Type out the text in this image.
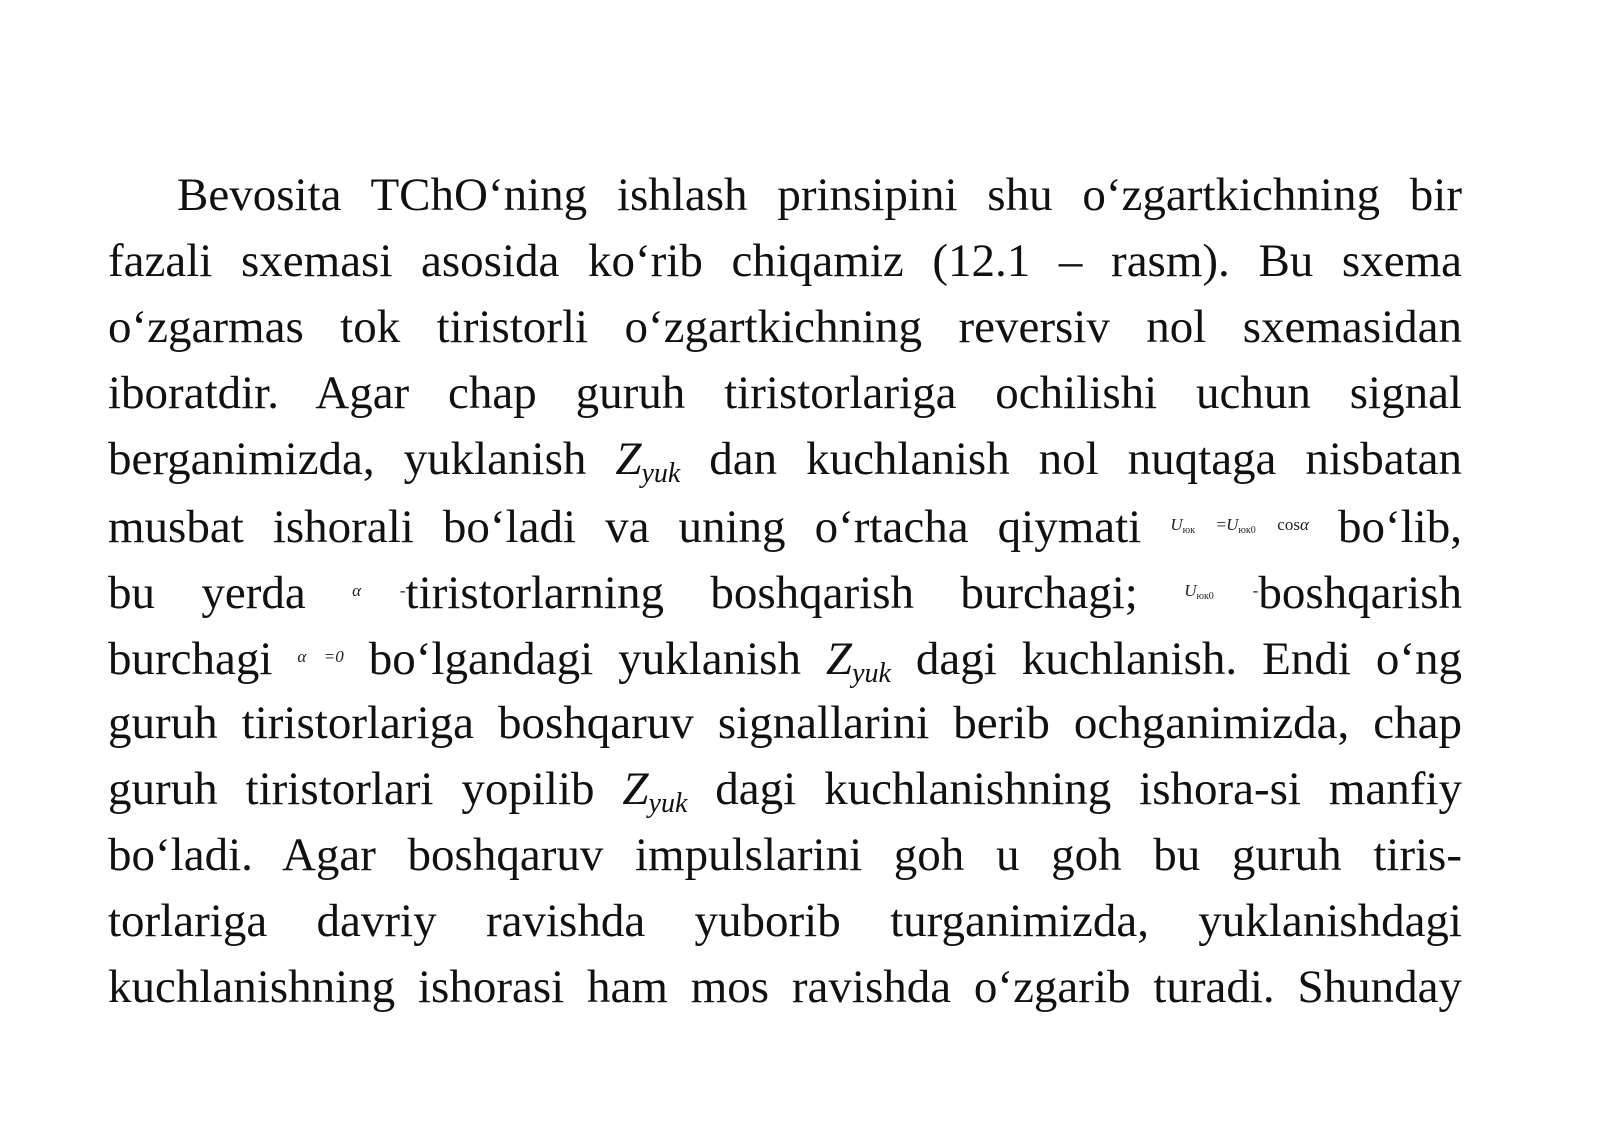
Bevosita TChO‘ning ishlash prinsipini shu o‘zgartkichning bir
fazali sxemasi asosida ko‘rib chiqamiz (12.1 – rasm). Bu sxema
o‘zgarmas tok tiristorli o‘zgartkichning reversiv nol sxemasidan
iboratdir. Agar chap guruh tiristorlariga ochilishi uchun signal
berganimizda, yuklanish $Z_{yuk}$ dan kuchlanish nol nuqtaga nisbatan
musbat ishorali bo‘ladi va uning o‘rtacha qiymati $^{Uюк =Uюк0 cos\alpha}$ bo‘lib,
bu yerda $^{\alpha -}$tiristorlarning boshqarish burchagi; $^{Uюк0 -}$boshqarish
burchagi $^{\alpha =0}$ bo‘lgandagi yuklanish $Z_{yuk}$ dagi kuchlanish. Endi o‘ng
guruh tiristorlariga boshqaruv signallarini berib ochganimizda, chap
guruh tiristorlari yopilib $Z_{yuk}$ dagi kuchlanishning ishora-si manfiy
bo‘ladi. Agar boshqaruv impulslarini goh u goh bu guruh tiris-
torlariga davriy ravishda yuborib turganimizda, yuklanishdagi
kuchlanishning ishorasi ham mos ravishda o‘zgarib turadi. Shunday
